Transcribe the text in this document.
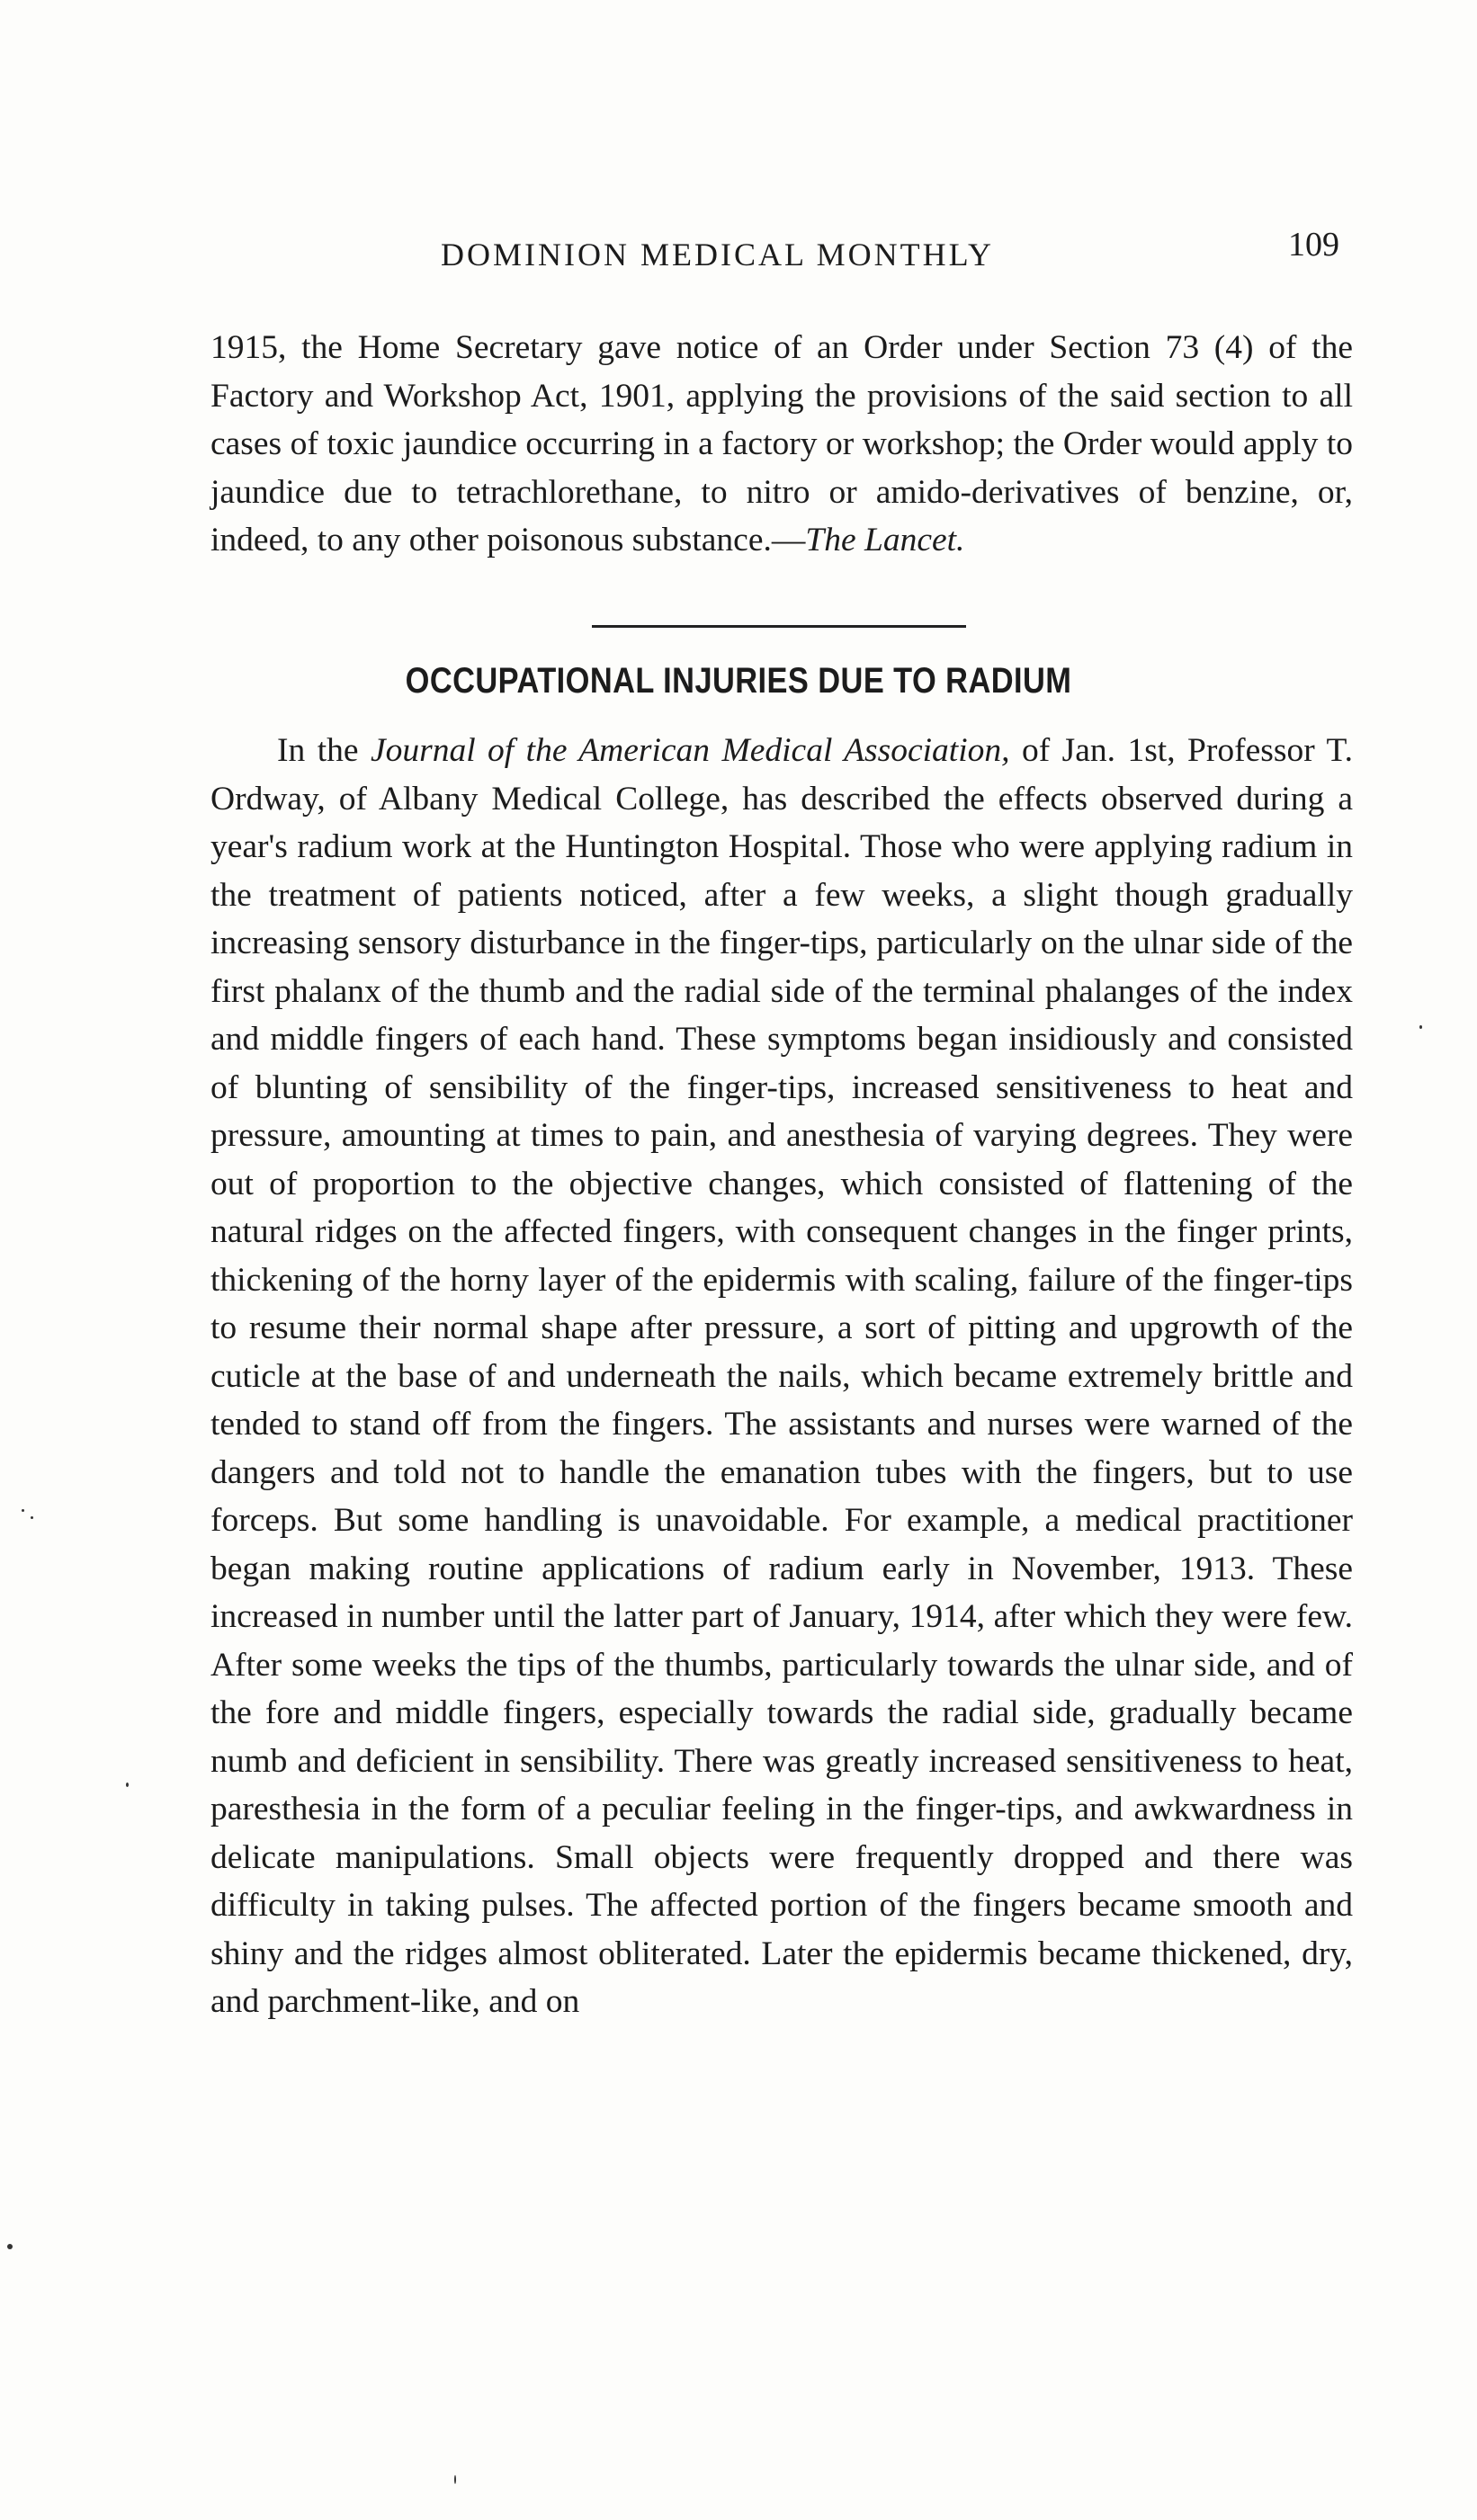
DOMINION MEDICAL MONTHLY	109

1915, the Home Secretary gave notice of an Order under Section 73 (4) of the Factory and Workshop Act, 1901, applying the provisions of the said section to all cases of toxic jaundice occurring in a factory or workshop; the Order would apply to jaundice due to tetrachlorethane, to nitro or amido-derivatives of benzine, or, indeed, to any other poisonous substance.—The Lancet.

OCCUPATIONAL INJURIES DUE TO RADIUM

In the Journal of the American Medical Association, of Jan. 1st, Professor T. Ordway, of Albany Medical College, has described the effects observed during a year's radium work at the Huntington Hospital. Those who were applying radium in the treatment of patients noticed, after a few weeks, a slight though gradually increasing sensory disturbance in the finger-tips, particularly on the ulnar side of the first phalanx of the thumb and the radial side of the terminal phalanges of the index and middle fingers of each hand. These symptoms began insidiously and consisted of blunting of sensibility of the finger-tips, increased sensitiveness to heat and pressure, amounting at times to pain, and anesthesia of varying degrees. They were out of proportion to the objective changes, which consisted of flattening of the natural ridges on the affected fingers, with consequent changes in the finger prints, thickening of the horny layer of the epidermis with scaling, failure of the finger-tips to resume their normal shape after pressure, a sort of pitting and upgrowth of the cuticle at the base of and underneath the nails, which became extremely brittle and tended to stand off from the fingers. The assistants and nurses were warned of the dangers and told not to handle the emanation tubes with the fingers, but to use forceps. But some handling is unavoidable. For example, a medical practitioner began making routine applications of radium early in November, 1913. These increased in number until the latter part of January, 1914, after which they were few. After some weeks the tips of the thumbs, particularly towards the ulnar side, and of the fore and middle fingers, especially towards the radial side, gradually became numb and deficient in sensibility. There was greatly increased sensitiveness to heat, paresthesia in the form of a peculiar feeling in the finger-tips, and awkwardness in delicate manipulations. Small objects were frequently dropped and there was difficulty in taking pulses. The affected portion of the fingers became smooth and shiny and the ridges almost obliterated. Later the epidermis became thickened, dry, and parchment-like, and on
